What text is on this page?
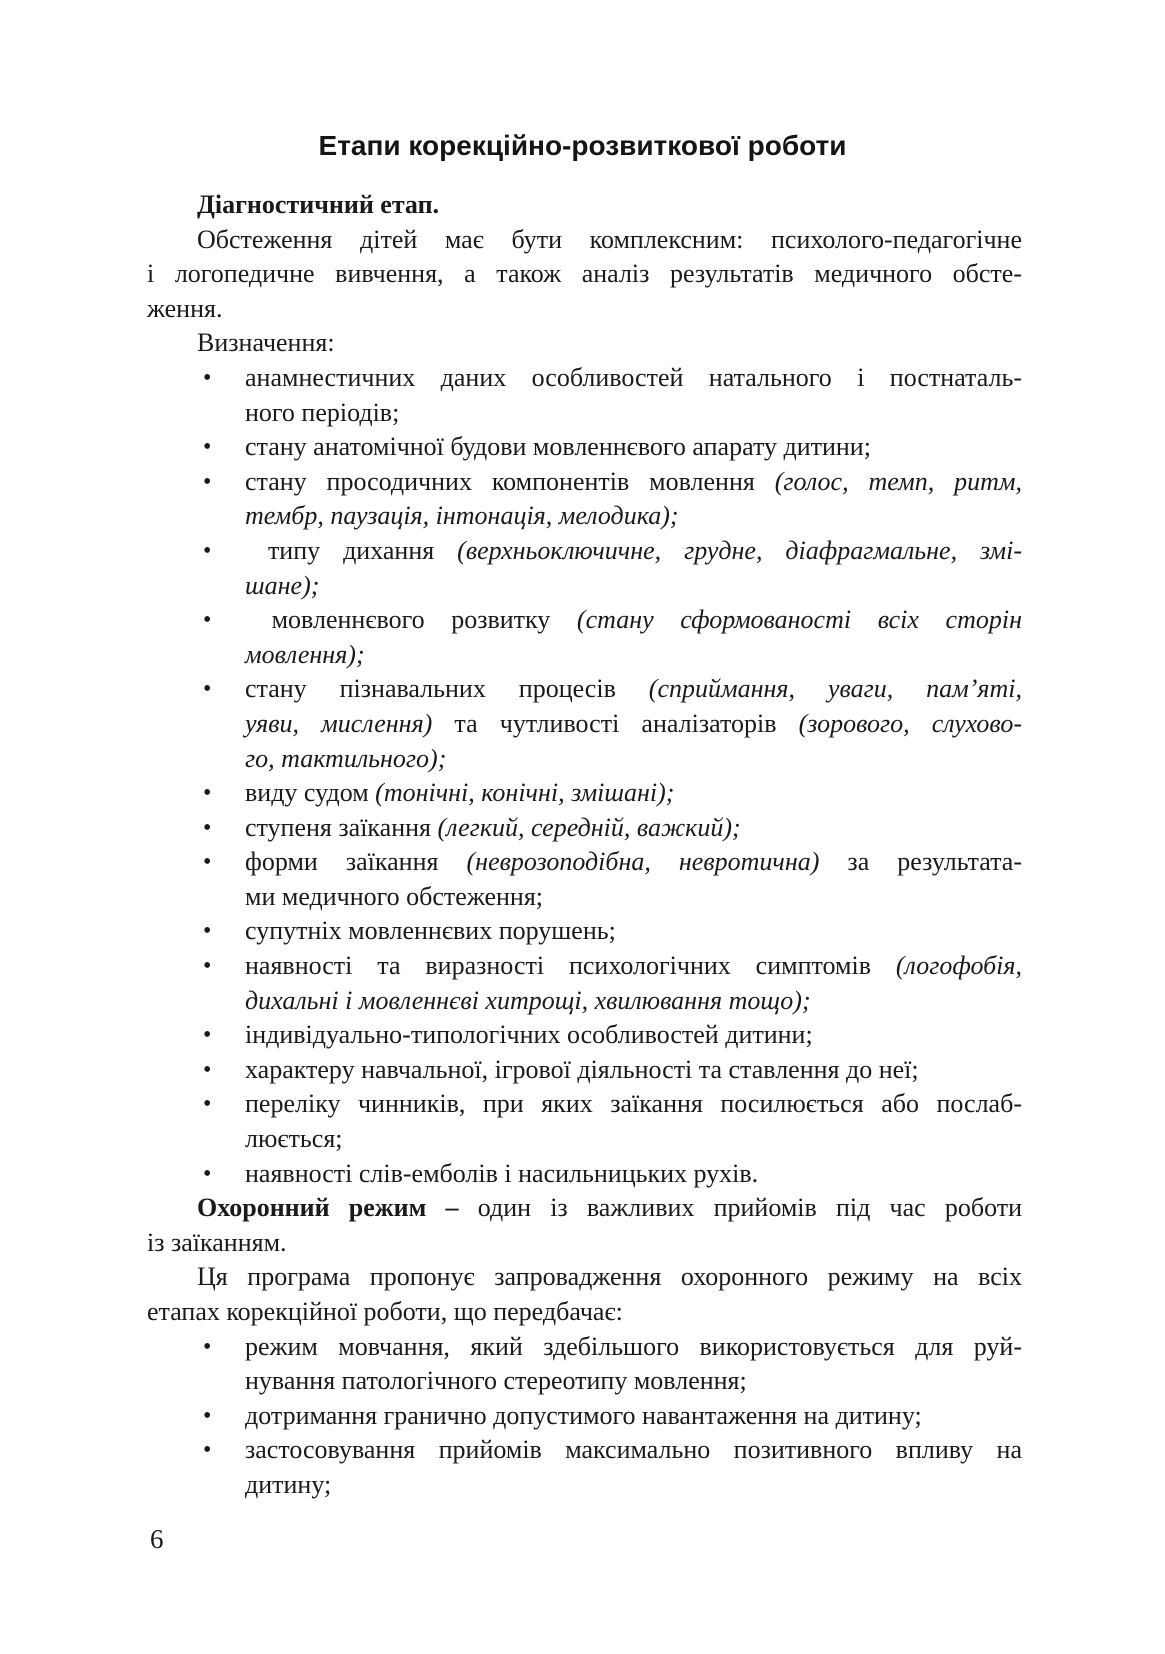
Етапи корекційно-розвиткової роботи
Діагностичний етап.
Обстеження дітей має бути комплексним: психолого-педагогічне
і логопедичне вивчення, а також аналіз результатів медичного обсте-
ження.
Визначення:
•	анамнестичних даних особливостей натального і постнаталь-
ного періодів;
•	стану анатомічної будови мовленнєвого апарату дитини;
•	стану просодичних компонентів мовлення (голос, темп, ритм,
тембр, паузація, інтонація, мелодика);
•	типу дихання (верхньоключичне, грудне, діафрагмальне, змі-
шане);
•	мовленнєвого розвитку (стану сформованості всіх сторін
мовлення);
•	стану пізнавальних процесів (сприймання, уваги, пам’яті,
уяви, мислення) та чутливості аналізаторів (зорового, слухово-
го, тактильного);
•	виду судом (тонічні, конічні, змішані);
•	ступеня заїкання (легкий, середній, важкий);
•	форми заїкання (неврозоподібна, невротична) за результата-
ми медичного обстеження;
•	супутніх мовленнєвих порушень;
•	наявності та виразності психологічних симптомів (логофобія,
дихальні і мовленнєві хитрощі, хвилювання тощо);
•	індивідуально-типологічних особливостей дитини;
•	характеру навчальної, ігрової діяльності та ставлення до неї;
•	переліку чинників, при яких заїкання посилюється або послаб-
люється;
•	наявності слів-емболів і насильницьких рухів.
Охоронний режим – один із важливих прийомів під час роботи
із заїканням.
Ця програма пропонує запровадження охоронного режиму на всіх
етапах корекційної роботи, що передбачає:
•	режим мовчання, який здебільшого використовується для руй-
нування патологічного стереотипу мовлення;
•	дотримання гранично допустимого навантаження на дитину;
•	застосовування прийомів максимально позитивного впливу на
дитину;
6
